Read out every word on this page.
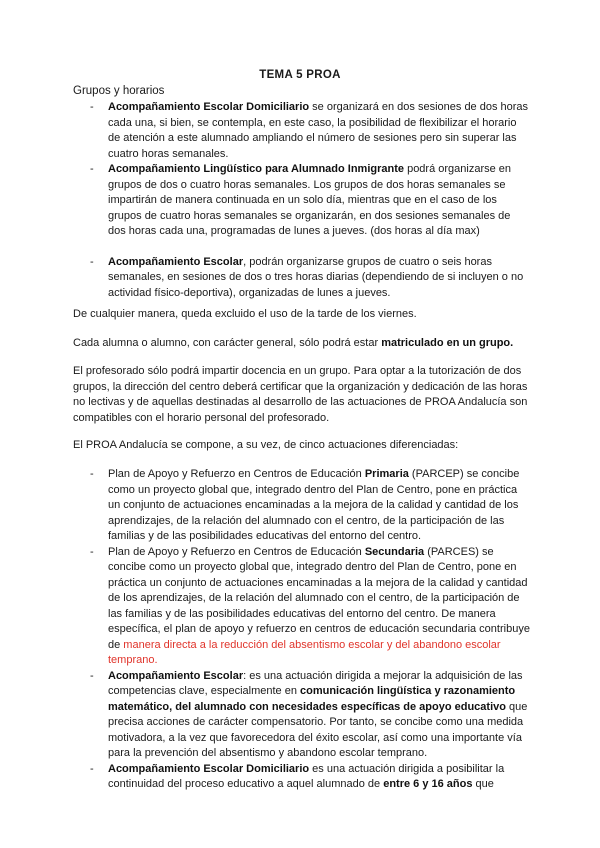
TEMA 5 PROA
Grupos y horarios
- Acompañamiento Escolar Domiciliario se organizará en dos sesiones de dos horas cada una, si bien, se contempla, en este caso, la posibilidad de flexibilizar el horario de atención a este alumnado ampliando el número de sesiones pero sin superar las cuatro horas semanales.
- Acompañamiento Lingüístico para Alumnado Inmigrante podrá organizarse en grupos de dos o cuatro horas semanales. Los grupos de dos horas semanales se impartirán de manera continuada en un solo día, mientras que en el caso de los grupos de cuatro horas semanales se organizarán, en dos sesiones semanales de dos horas cada una, programadas de lunes a jueves. (dos horas al día max)
- Acompañamiento Escolar, podrán organizarse grupos de cuatro o seis horas semanales, en sesiones de dos o tres horas diarias (dependiendo de si incluyen o no actividad físico-deportiva), organizadas de lunes a jueves.

De cualquier manera, queda excluido el uso de la tarde de los viernes.

Cada alumna o alumno, con carácter general, sólo podrá estar matriculado en un grupo.

El profesorado sólo podrá impartir docencia en un grupo. Para optar a la tutorización de dos grupos, la dirección del centro deberá certificar que la organización y dedicación de las horas no lectivas y de aquellas destinadas al desarrollo de las actuaciones de PROA Andalucía son compatibles con el horario personal del profesorado.

El PROA Andalucía se compone, a su vez, de cinco actuaciones diferenciadas:

- Plan de Apoyo y Refuerzo en Centros de Educación Primaria (PARCEP) se concibe como un proyecto global que, integrado dentro del Plan de Centro, pone en práctica un conjunto de actuaciones encaminadas a la mejora de la calidad y cantidad de los aprendizajes, de la relación del alumnado con el centro, de la participación de las familias y de las posibilidades educativas del entorno del centro.
- Plan de Apoyo y Refuerzo en Centros de Educación Secundaria (PARCES) se concibe como un proyecto global que, integrado dentro del Plan de Centro, pone en práctica un conjunto de actuaciones encaminadas a la mejora de la calidad y cantidad de los aprendizajes, de la relación del alumnado con el centro, de la participación de las familias y de las posibilidades educativas del entorno del centro. De manera específica, el plan de apoyo y refuerzo en centros de educación secundaria contribuye de manera directa a la reducción del absentismo escolar y del abandono escolar temprano.
- Acompañamiento Escolar: es una actuación dirigida a mejorar la adquisición de las competencias clave, especialmente en comunicación lingüística y razonamiento matemático, del alumnado con necesidades específicas de apoyo educativo que precisa acciones de carácter compensatorio. Por tanto, se concibe como una medida motivadora, a la vez que favorecedora del éxito escolar, así como una importante vía para la prevención del absentismo y abandono escolar temprano.
- Acompañamiento Escolar Domiciliario es una actuación dirigida a posibilitar la continuidad del proceso educativo a aquel alumnado de entre 6 y 16 años que
